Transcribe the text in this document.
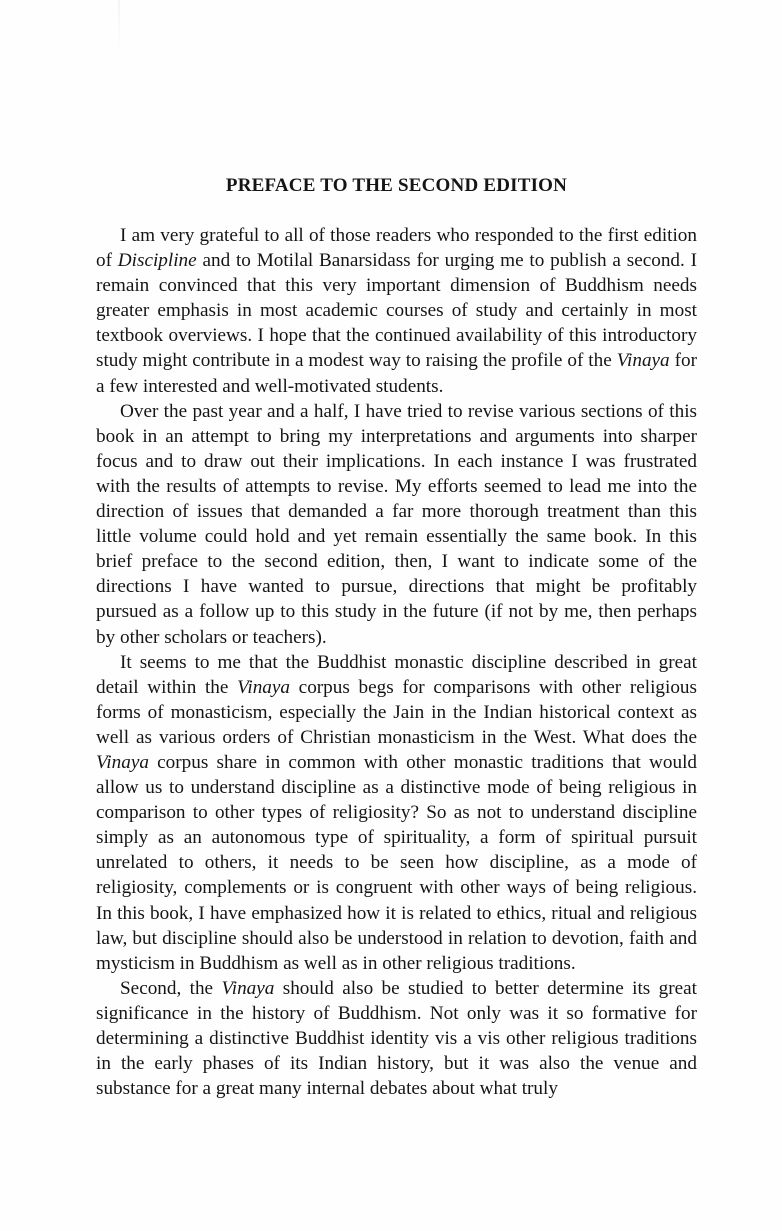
PREFACE TO THE SECOND EDITION

I am very grateful to all of those readers who responded to the first edition of Discipline and to Motilal Banarsidass for urging me to publish a second. I remain convinced that this very important dimension of Buddhism needs greater emphasis in most academic courses of study and certainly in most textbook overviews. I hope that the continued availability of this introductory study might contribute in a modest way to raising the profile of the Vinaya for a few interested and well-motivated students.

Over the past year and a half, I have tried to revise various sections of this book in an attempt to bring my interpretations and arguments into sharper focus and to draw out their implications. In each instance I was frustrated with the results of attempts to revise. My efforts seemed to lead me into the direction of issues that demanded a far more thorough treatment than this little volume could hold and yet remain essentially the same book. In this brief preface to the second edition, then, I want to indicate some of the directions I have wanted to pursue, directions that might be profitably pursued as a follow up to this study in the future (if not by me, then perhaps by other scholars or teachers).

It seems to me that the Buddhist monastic discipline described in great detail within the Vinaya corpus begs for comparisons with other religious forms of monasticism, especially the Jain in the Indian historical context as well as various orders of Christian monasticism in the West. What does the Vinaya corpus share in common with other monastic traditions that would allow us to understand discipline as a distinctive mode of being religious in comparison to other types of religiosity? So as not to understand discipline simply as an autonomous type of spirituality, a form of spiritual pursuit unrelated to others, it needs to be seen how discipline, as a mode of religiosity, complements or is congruent with other ways of being religious. In this book, I have emphasized how it is related to ethics, ritual and religious law, but discipline should also be understood in relation to devotion, faith and mysticism in Buddhism as well as in other religious traditions.

Second, the Vinaya should also be studied to better determine its great significance in the history of Buddhism. Not only was it so formative for determining a distinctive Buddhist identity vis a vis other religious traditions in the early phases of its Indian history, but it was also the venue and substance for a great many internal debates about what truly
